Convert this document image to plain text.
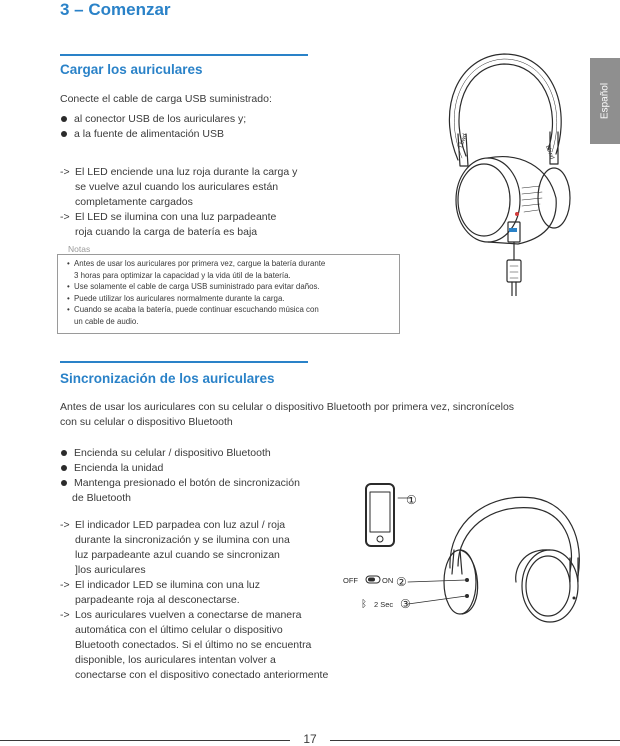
3 – Comenzar
Español
Cargar los auriculares
Conecte el cable de carga USB suministrado:
al conector USB de los auriculares y;
a la fuente de alimentación USB
-> El LED enciende una luz roja durante la carga y
se vuelve azul cuando los auriculares están
completamente cargados
-> El LED se ilumina con una luz parpadeante
roja cuando la carga de batería es baja
Notas
• Antes de usar los auriculares por primera vez, cargue la batería durante
3 horas para optimizar la capacidad y la vida útil de la batería.
• Use solamente el cable de carga USB suministrado para evitar daños.
• Puede utilizar los auriculares normalmente durante la carga.
• Cuando se acaba la batería, puede continuar escuchando música con
un cable de audio.
Lbwd
Lbwd
Sincronización de los auriculares
Antes de usar los auriculares con su celular o dispositivo Bluetooth por primera vez, sincronícelos
con su celular o dispositivo Bluetooth
Encienda su celular / dispositivo Bluetooth
Encienda la unidad
Mantenga presionado el botón de sincronización
de Bluetooth
-> El indicador LED parpadea con luz azul / roja
durante la sincronización y se ilumina con una
luz parpadeante azul cuando se sincronizan
]los auriculares
-> El indicador LED se ilumina con una luz
parpadeante roja al desconectarse.
-> Los auriculares vuelven a conectarse de manera
automática con el último celular o dispositivo
Bluetooth conectados. Si el último no se encuentra
disponible, los auriculares intentan volver a
conectarse con el dispositivo conectado anteriormente
①
OFF	ON ②
ᛒ 2 Sec ③
17
